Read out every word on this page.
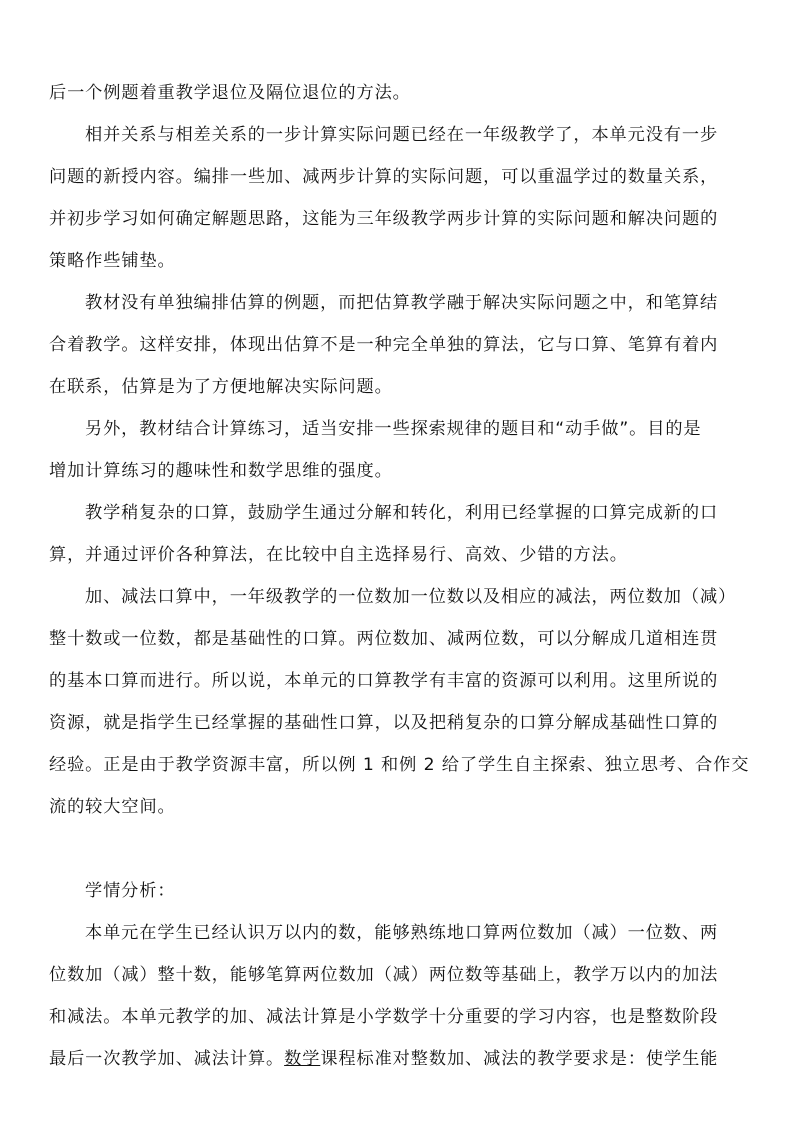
后一个例题着重教学退位及隔位退位的方法。
相并关系与相差关系的一步计算实际问题已经在一年级教学了，本单元没有一步
问题的新授内容。编排一些加、减两步计算的实际问题，可以重温学过的数量关系，
并初步学习如何确定解题思路，这能为三年级教学两步计算的实际问题和解决问题的
策略作些铺垫。
教材没有单独编排估算的例题，而把估算教学融于解决实际问题之中，和笔算结
合着教学。这样安排，体现出估算不是一种完全单独的算法，它与口算、笔算有着内
在联系，估算是为了方便地解决实际问题。
另外，教材结合计算练习，适当安排一些探索规律的题目和“动手做”。目的是
增加计算练习的趣味性和数学思维的强度。
教学稍复杂的口算，鼓励学生通过分解和转化，利用已经掌握的口算完成新的口
算，并通过评价各种算法，在比较中自主选择易行、高效、少错的方法。
加、减法口算中，一年级教学的一位数加一位数以及相应的减法，两位数加（减）
整十数或一位数，都是基础性的口算。两位数加、减两位数，可以分解成几道相连贯
的基本口算而进行。所以说，本单元的口算教学有丰富的资源可以利用。这里所说的
资源，就是指学生已经掌握的基础性口算，以及把稍复杂的口算分解成基础性口算的
经验。正是由于教学资源丰富，所以例 1 和例 2 给了学生自主探索、独立思考、合作交
流的较大空间。
学情分析：
本单元在学生已经认识万以内的数，能够熟练地口算两位数加（减）一位数、两
位数加（减）整十数，能够笔算两位数加（减）两位数等基础上，教学万以内的加法
和减法。本单元教学的加、减法计算是小学数学十分重要的学习内容，也是整数阶段
最后一次教学加、减法计算。数学课程标准对整数加、减法的教学要求是：使学生能
